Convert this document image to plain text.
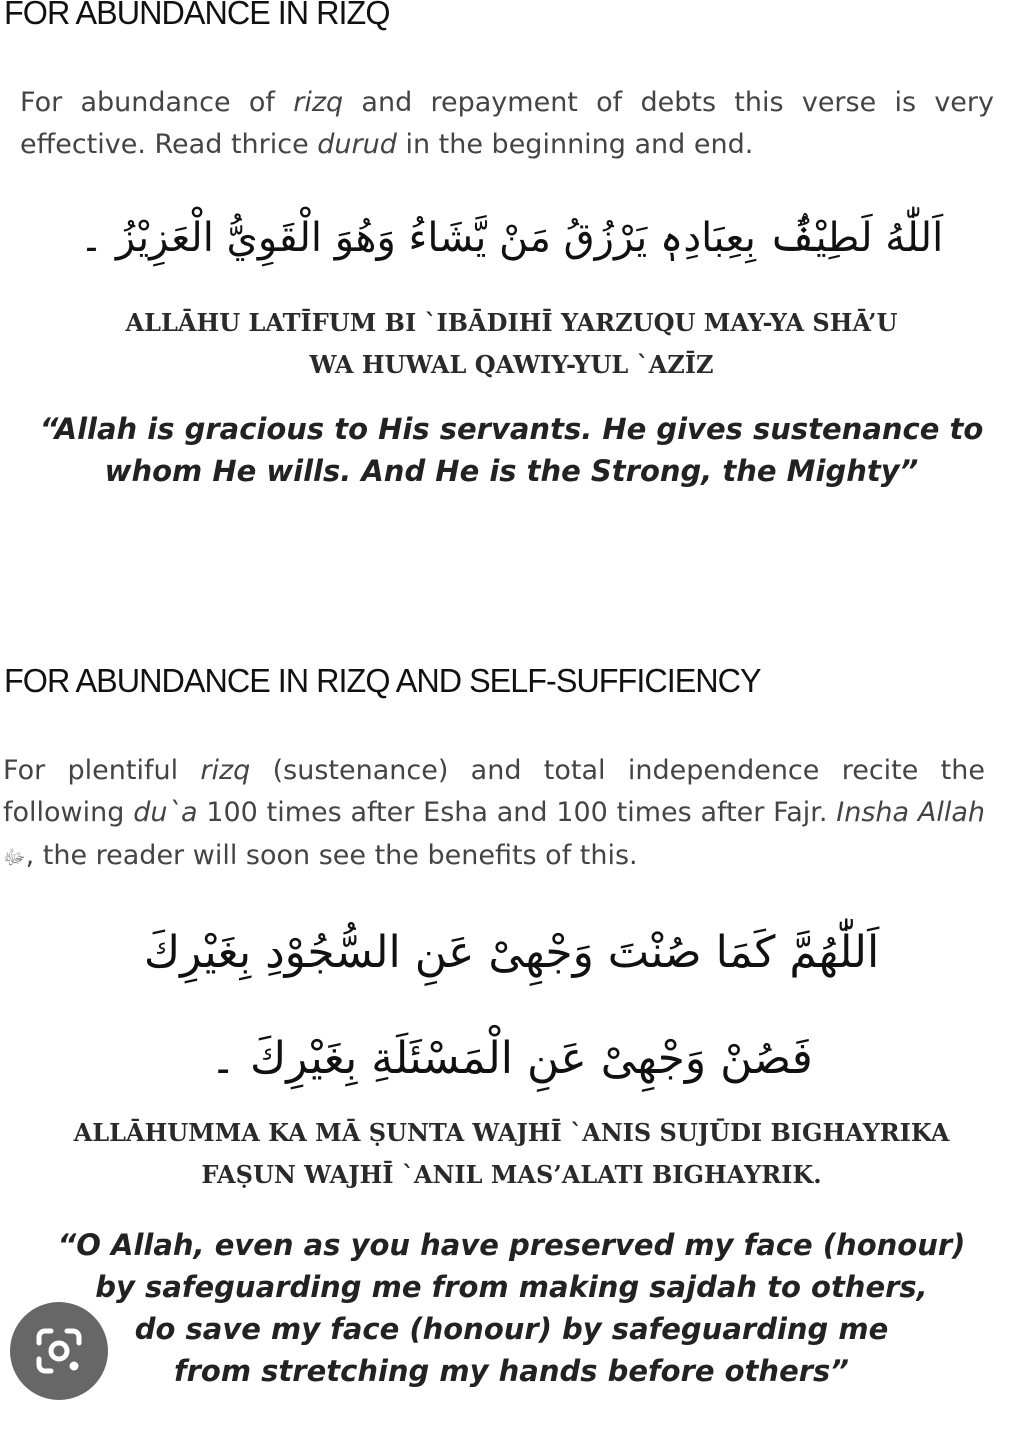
FOR ABUNDANCE IN RIZQ

For abundance of rizq and repayment of debts this verse is very effective. Read thrice durud in the beginning and end.

اَللّٰهُ لَطِيْفٌۢ بِعِبَادِهٖ يَرْزُقُ مَنْ يَّشَاءُ وَهُوَ الْقَوِيُّ الْعَزِيْزُ ۔

ALLĀHU LATĪFUM BI `IBĀDIHĪ YARZUQU MAY-YA SHĀ’U
WA HUWAL QAWIY-YUL `AZĪZ
“Allah is gracious to His servants. He gives sustenance to
whom He wills. And He is the Strong, the Mighty”
FOR ABUNDANCE IN RIZQ AND SELF-SUFFICIENCY

For plentiful rizq (sustenance) and total independence recite the following du`a 100 times after Esha and 100 times after Fajr. Insha Allah ﷻ, the reader will soon see the benefits of this.

اَللّٰهُمَّ كَمَا صُنْتَ وَجْهِىْ عَنِ السُّجُوْدِ بِغَيْرِكَ
فَصُنْ وَجْهِىْ عَنِ الْمَسْئَلَةِ بِغَيْرِكَ ۔
ALLĀHUMMA KA MĀ ṢUNTA WAJHĪ `ANIS SUJŪDI BIGHAYRIKA
FAṢUN WAJHĪ `ANIL MAS’ALATI BIGHAYRIK.
“O Allah, even as you have preserved my face (honour)
by safeguarding me from making sajdah to others,
do save my face (honour) by safeguarding me
from stretching my hands before others”
